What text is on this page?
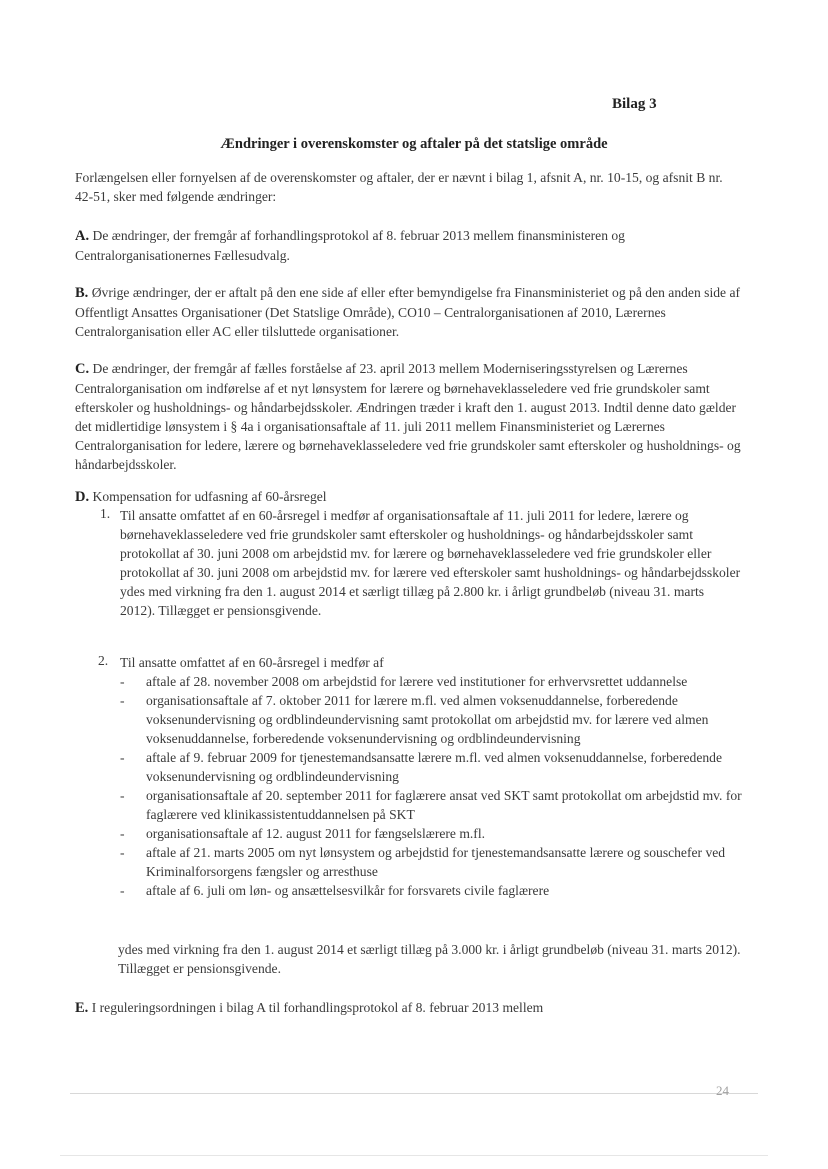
Bilag 3
Ændringer i overenskomster og aftaler på det statslige område
Forlængelsen eller fornyelsen af de overenskomster og aftaler, der er nævnt i bilag 1, afsnit A, nr. 10-15, og afsnit B nr. 42-51, sker med følgende ændringer:
A. De ændringer, der fremgår af forhandlingsprotokol af 8. februar 2013 mellem finansministeren og Centralorganisationernes Fællesudvalg.
B. Øvrige ændringer, der er aftalt på den ene side af eller efter bemyndigelse fra Finansministeriet og på den anden side af Offentligt Ansattes Organisationer (Det Statslige Område), CO10 – Centralorganisationen af 2010, Lærernes Centralorganisation eller AC eller tilsluttede organisationer.
C. De ændringer, der fremgår af fælles forståelse af 23. april 2013 mellem Moderniseringsstyrelsen og Lærernes Centralorganisation om indførelse af et nyt lønsystem for lærere og børnehaveklasseledere ved frie grundskoler samt efterskoler og husholdnings- og håndarbejdsskoler. Ændringen træder i kraft den 1. august 2013. Indtil denne dato gælder det midlertidige lønsystem i § 4a i organisationsaftale af 11. juli 2011 mellem Finansministeriet og Lærernes Centralorganisation for ledere, lærere og børnehaveklasseledere ved frie grundskoler samt efterskoler og husholdnings- og håndarbejdsskoler.
D. Kompensation for udfasning af 60-årsregel
1. Til ansatte omfattet af en 60-årsregel i medfør af organisationsaftale af 11. juli 2011 for ledere, lærere og børnehaveklasseledere ved frie grundskoler samt efterskoler og husholdnings- og håndarbejdsskoler samt protokollat af 30. juni 2008 om arbejdstid mv. for lærere og børnehaveklasseledere ved frie grundskoler eller protokollat af 30. juni 2008 om arbejdstid mv. for lærere ved efterskoler samt husholdnings- og håndarbejdsskoler ydes med virkning fra den 1. august 2014 et særligt tillæg på 2.800 kr. i årligt grundbeløb (niveau 31. marts 2012). Tillægget er pensionsgivende.
2. Til ansatte omfattet af en 60-årsregel i medfør af
- aftale af 28. november 2008 om arbejdstid for lærere ved institutioner for erhvervsrettet uddannelse
- organisationsaftale af 7. oktober 2011 for lærere m.fl. ved almen voksenuddannelse, forberedende voksenundervisning og ordblindeundervisning samt protokollat om arbejdstid mv. for lærere ved almen voksenuddannelse, forberedende voksenundervisning og ordblindeundervisning
- aftale af 9. februar 2009 for tjenestemandsansatte lærere m.fl. ved almen voksenuddannelse, forberedende voksenundervisning og ordblindeundervisning
- organisationsaftale af 20. september 2011 for faglærere ansat ved SKT samt protokollat om arbejdstid mv. for faglærere ved klinikassistentuddannelsen på SKT
- organisationsaftale af 12. august 2011 for fængselslærere m.fl.
- aftale af 21. marts 2005 om nyt lønsystem og arbejdstid for tjenestemandsansatte lærere og souschefer ved Kriminalforsorgens fængsler og arresthuse
- aftale af 6. juli om løn- og ansættelsesvilkår for forsvarets civile faglærere
ydes med virkning fra den 1. august 2014 et særligt tillæg på 3.000 kr. i årligt grundbeløb (niveau 31. marts 2012). Tillægget er pensionsgivende.
E. I reguleringsordningen i bilag A til forhandlingsprotokol af 8. februar 2013 mellem
24
